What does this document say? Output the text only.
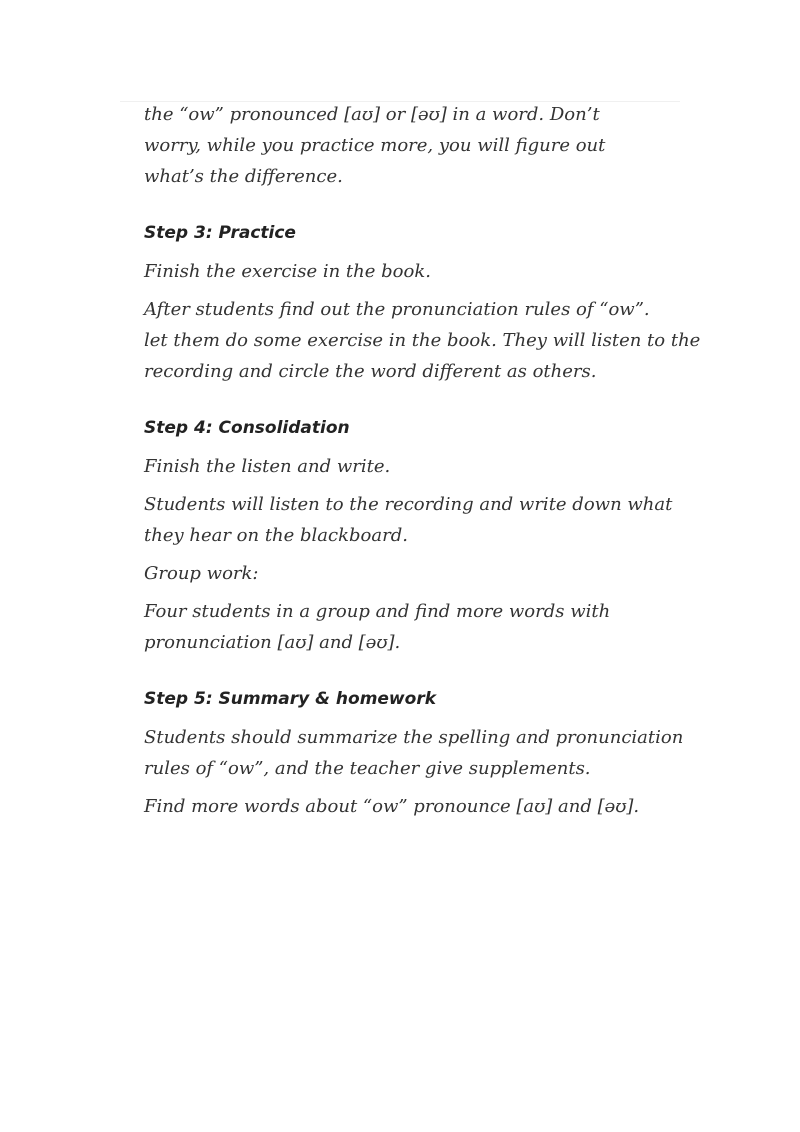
the “ow” pronounced [aʊ] or [əʊ] in a word. Don’t

worry, while you practice more, you will figure out

what’s the difference.

Step 3: Practice

Finish the exercise in the book.

After students find out the pronunciation rules of “ow”.

let them do some exercise in the book. They will listen to the

recording and circle the word different as others.

Step 4: Consolidation

Finish the listen and write.

Students will listen to the recording and write down what

they hear on the blackboard.

Group work:

Four students in a group and find more words with

pronunciation [aʊ] and [əʊ].

Step 5: Summary & homework

Students should summarize the spelling and pronunciation

rules of “ow”, and the teacher give supplements.

Find more words about “ow” pronounce [aʊ] and [əʊ].
